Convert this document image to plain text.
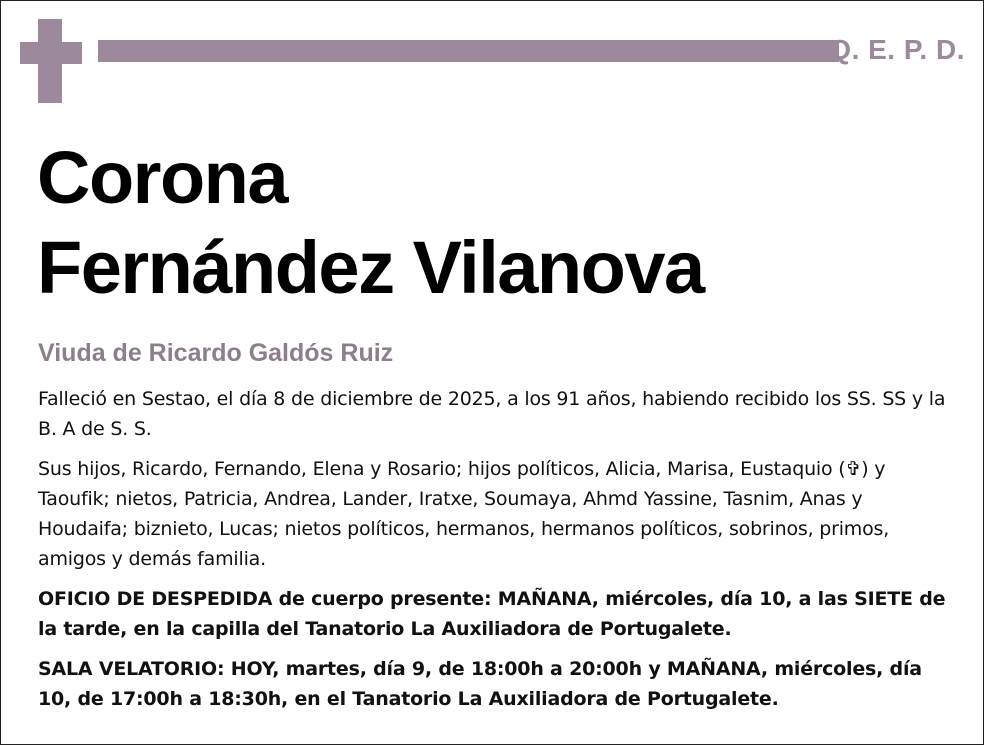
Q. E. P. D.
Corona
Fernández Vilanova
Viuda de Ricardo Galdós Ruiz

Falleció en Sestao, el día 8 de diciembre de 2025, a los 91 años, habiendo recibido los SS. SS y la B. A de S. S.

Sus hijos, Ricardo, Fernando, Elena y Rosario; hijos políticos, Alicia, Marisa, Eustaquio (✞) y Taoufik; nietos, Patricia, Andrea, Lander, Iratxe, Soumaya, Ahmd Yassine, Tasnim, Anas y Houdaifa; biznieto, Lucas; nietos políticos, hermanos, hermanos políticos, sobrinos, primos, amigos y demás familia.

OFICIO DE DESPEDIDA de cuerpo presente: MAÑANA, miércoles, día 10, a las SIETE de la tarde, en la capilla del Tanatorio La Auxiliadora de Portugalete.

SALA VELATORIO: HOY, martes, día 9, de 18:00h a 20:00h y MAÑANA, miércoles, día 10, de 17:00h a 18:30h, en el Tanatorio La Auxiliadora de Portugalete.
